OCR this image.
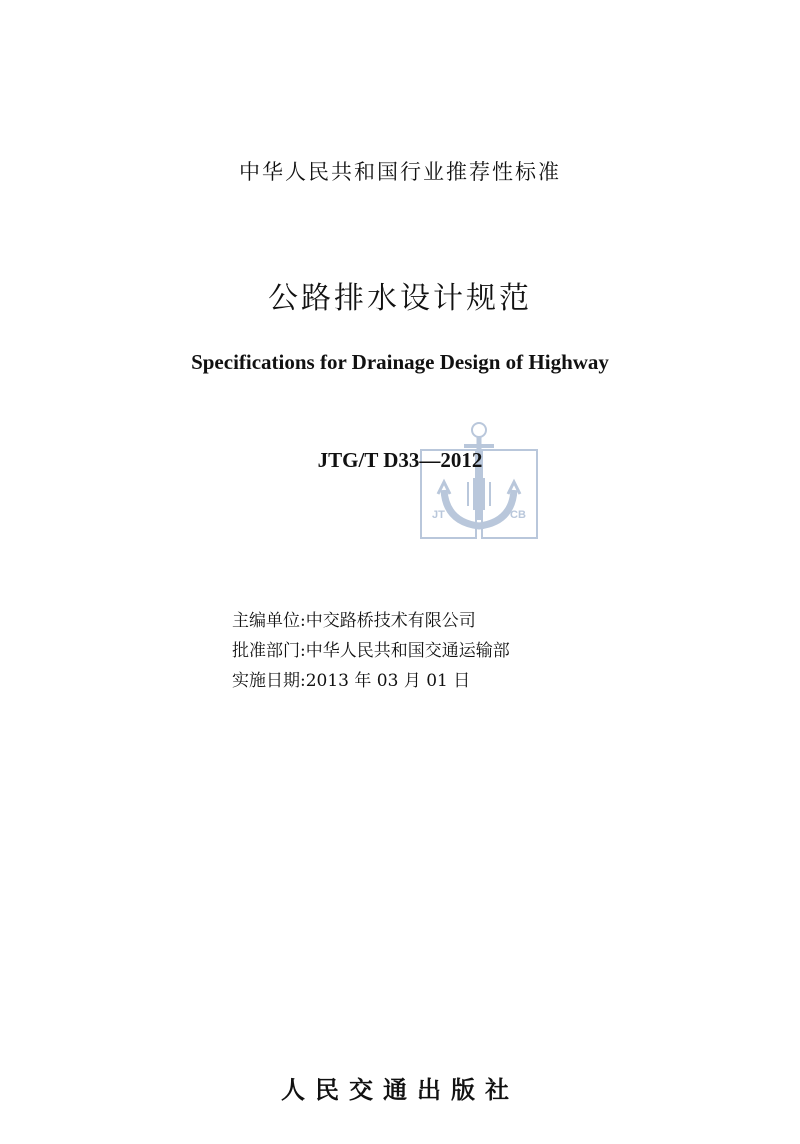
中华人民共和国行业推荐性标准
公路排水设计规范
Specifications for Drainage Design of Highway
JT	CB
JTG/T D33—2012
主编单位:中交路桥技术有限公司
批准部门:中华人民共和国交通运输部
实施日期:2013 年 03 月 01 日
人民交通出版社
